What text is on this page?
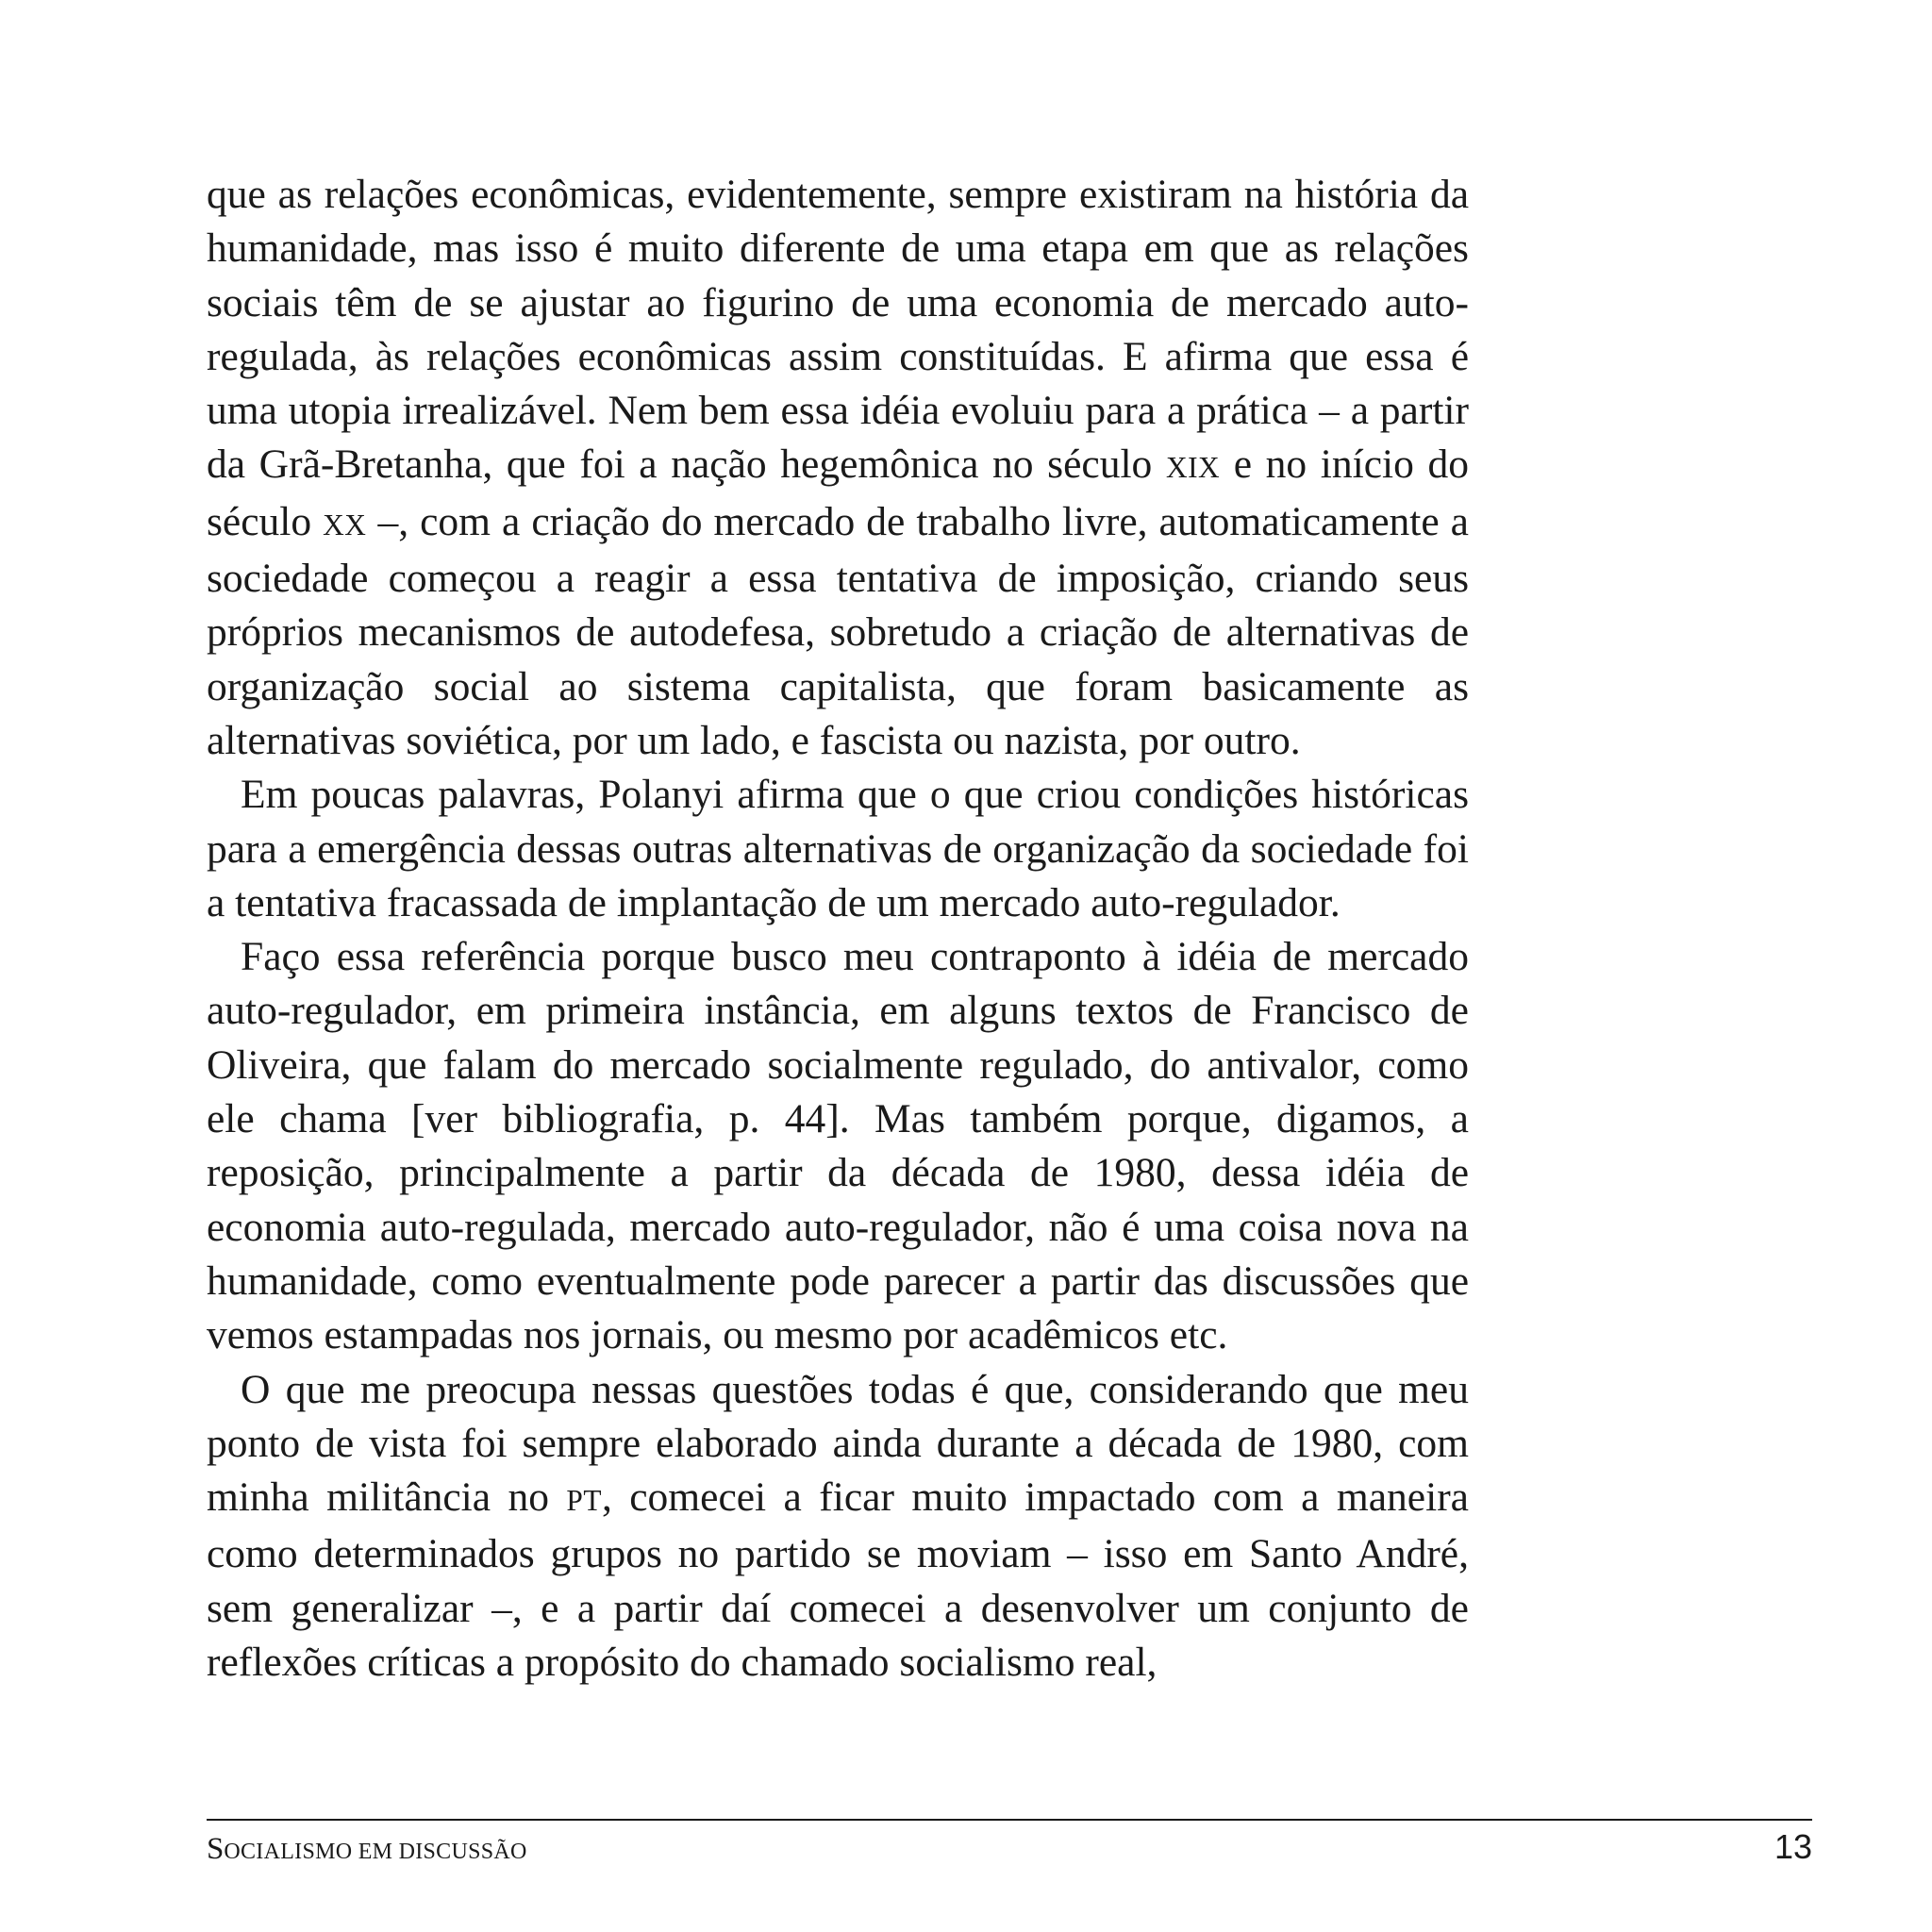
que as relações econômicas, evidentemente, sempre existiram na história da humanidade, mas isso é muito diferente de uma etapa em que as relações sociais têm de se ajustar ao figurino de uma economia de mercado auto-regulada, às relações econômicas assim constituídas. E afirma que essa é uma utopia irrealizável. Nem bem essa idéia evoluiu para a prática – a partir da Grã-Bretanha, que foi a nação hegemônica no século XIX e no início do século XX –, com a criação do mercado de trabalho livre, automaticamente a sociedade começou a reagir a essa tentativa de imposição, criando seus próprios mecanismos de autodefesa, sobretudo a criação de alternativas de organização social ao sistema capitalista, que foram basicamente as alternativas soviética, por um lado, e fascista ou nazista, por outro.

Em poucas palavras, Polanyi afirma que o que criou condições históricas para a emergência dessas outras alternativas de organização da sociedade foi a tentativa fracassada de implantação de um mercado auto-regulador.

Faço essa referência porque busco meu contraponto à idéia de mercado auto-regulador, em primeira instância, em alguns textos de Francisco de Oliveira, que falam do mercado socialmente regulado, do antivalor, como ele chama [ver bibliografia, p. 44]. Mas também porque, digamos, a reposição, principalmente a partir da década de 1980, dessa idéia de economia auto-regulada, mercado auto-regulador, não é uma coisa nova na humanidade, como eventualmente pode parecer a partir das discussões que vemos estampadas nos jornais, ou mesmo por acadêmicos etc.

O que me preocupa nessas questões todas é que, considerando que meu ponto de vista foi sempre elaborado ainda durante a década de 1980, com minha militância no PT, comecei a ficar muito impactado com a maneira como determinados grupos no partido se moviam – isso em Santo André, sem generalizar –, e a partir daí comecei a desenvolver um conjunto de reflexões críticas a propósito do chamado socialismo real,

SOCIALISMO EM DISCUSSÃO	13
